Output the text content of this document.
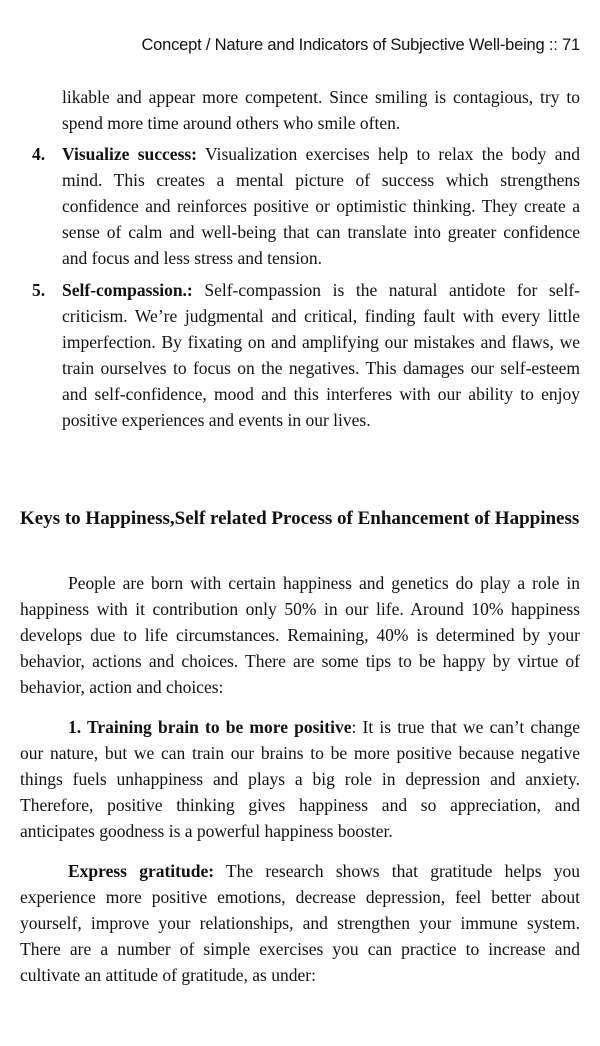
Concept / Nature and Indicators of Subjective Well-being :: 71
likable and appear more competent. Since smiling is contagious, try to spend more time around others who smile often.
4. Visualize success: Visualization exercises help to relax the body and mind. This creates a mental picture of success which strengthens confidence and reinforces positive or optimistic thinking. They create a sense of calm and well-being that can translate into greater confidence and focus and less stress and tension.
5. Self-compassion.: Self-compassion is the natural antidote for self-criticism. We’re judgmental and critical, finding fault with every little imperfection. By fixating on and amplifying our mistakes and flaws, we train ourselves to focus on the negatives. This damages our self-esteem and self-confidence, mood and this interferes with our ability to enjoy positive experiences and events in our lives.
Keys to Happiness,Self related Process of Enhancement of Happiness

People are born with certain happiness and genetics do play a role in happiness with it contribution only 50% in our life. Around 10% happiness develops due to life circumstances. Remaining, 40% is determined by your behavior, actions and choices. There are some tips to be happy by virtue of behavior, action and choices:

1. Training brain to be more positive: It is true that we can’t change our nature, but we can train our brains to be more positive because negative things fuels unhappiness and plays a big role in depression and anxiety. Therefore, positive thinking gives happiness and so appreciation, and anticipates goodness is a powerful happiness booster.

Express gratitude: The research shows that gratitude helps you experience more positive emotions, decrease depression, feel better about yourself, improve your relationships, and strengthen your immune system. There are a number of simple exercises you can practice to increase and cultivate an attitude of gratitude, as under:
